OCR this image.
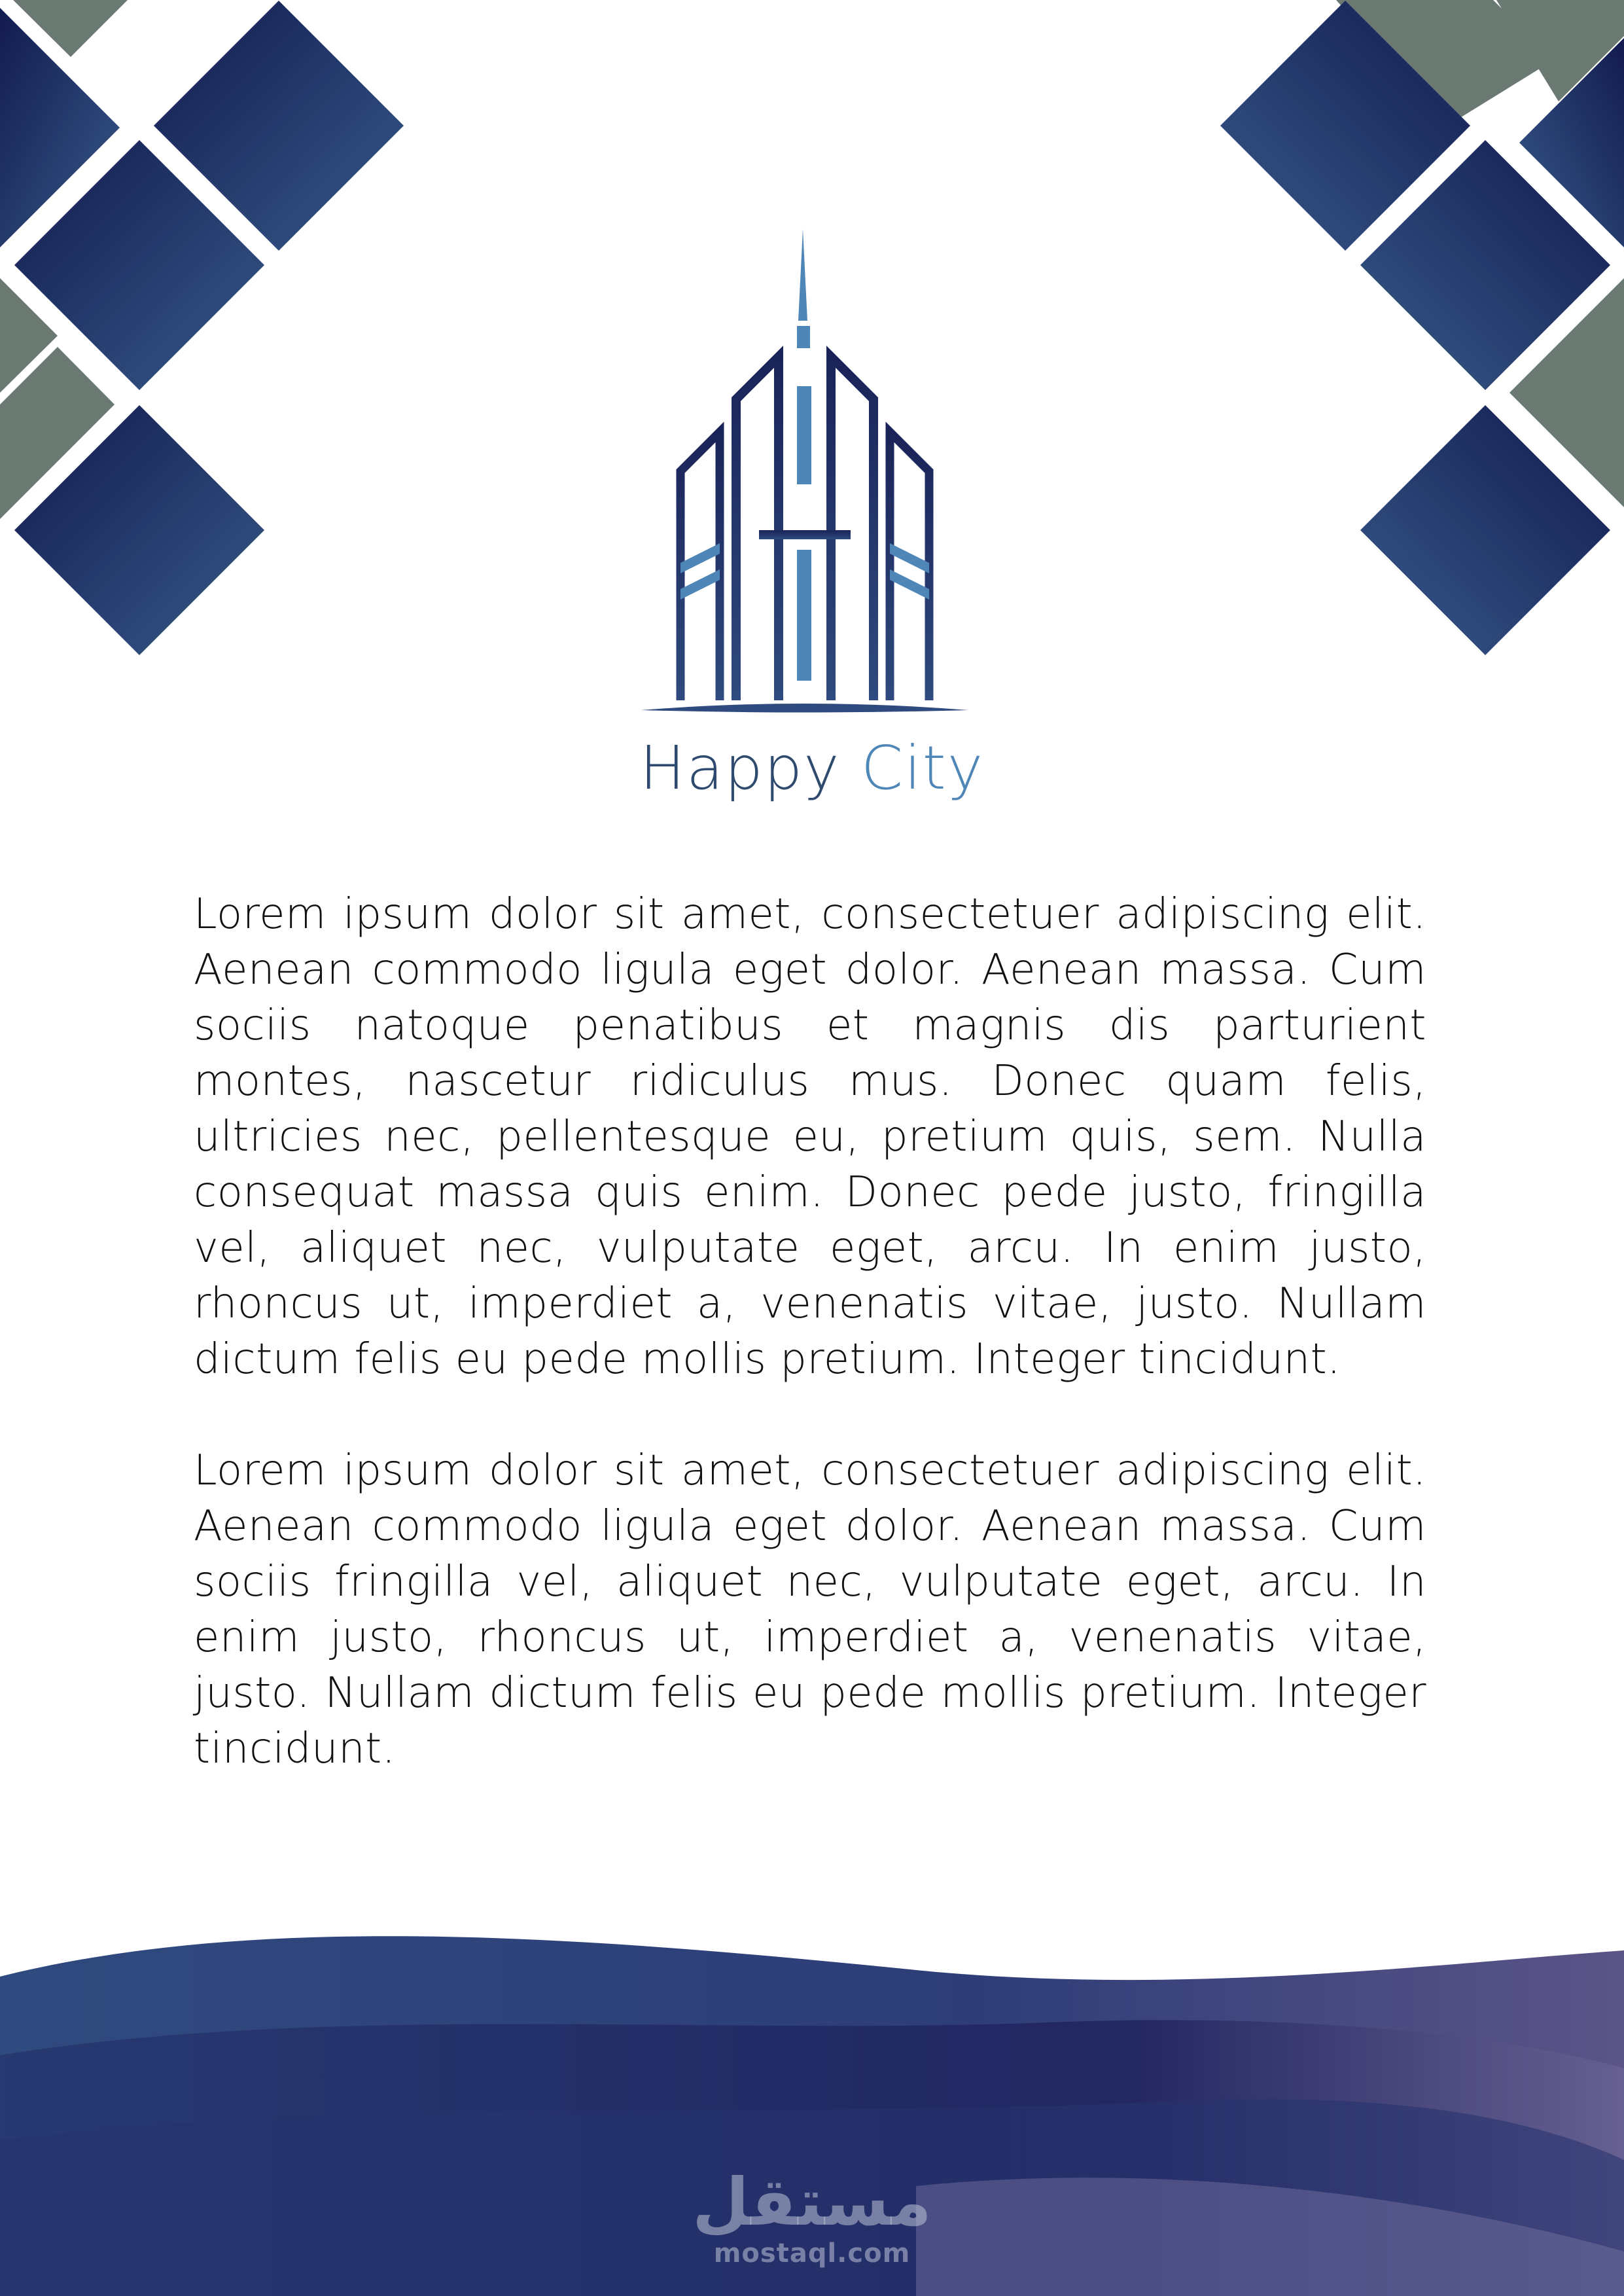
Happy City

Lorem ipsum dolor sit amet, consectetuer adipiscing elit. Aenean commodo ligula eget dolor. Aenean massa. Cum sociis natoque penatibus et magnis dis parturient montes, nascetur ridiculus mus. Donec quam felis, ultricies nec, pellentesque eu, pretium quis, sem. Nulla consequat massa quis enim. Donec pede justo, fringilla vel, aliquet nec, vulputate eget, arcu. In enim justo, rhoncus ut, imperdiet a, venenatis vitae, justo. Nullam dictum felis eu pede mollis pretium. Integer tincidunt.

Lorem ipsum dolor sit amet, consectetuer adipiscing elit. Aenean commodo ligula eget dolor. Aenean massa. Cum sociis fringilla vel, aliquet nec, vulputate eget, arcu. In enim justo, rhoncus ut, imperdiet a, venenatis vitae, justo. Nullam dictum felis eu pede mollis pretium. Integer tincidunt.

مستقل
mostaql.com
